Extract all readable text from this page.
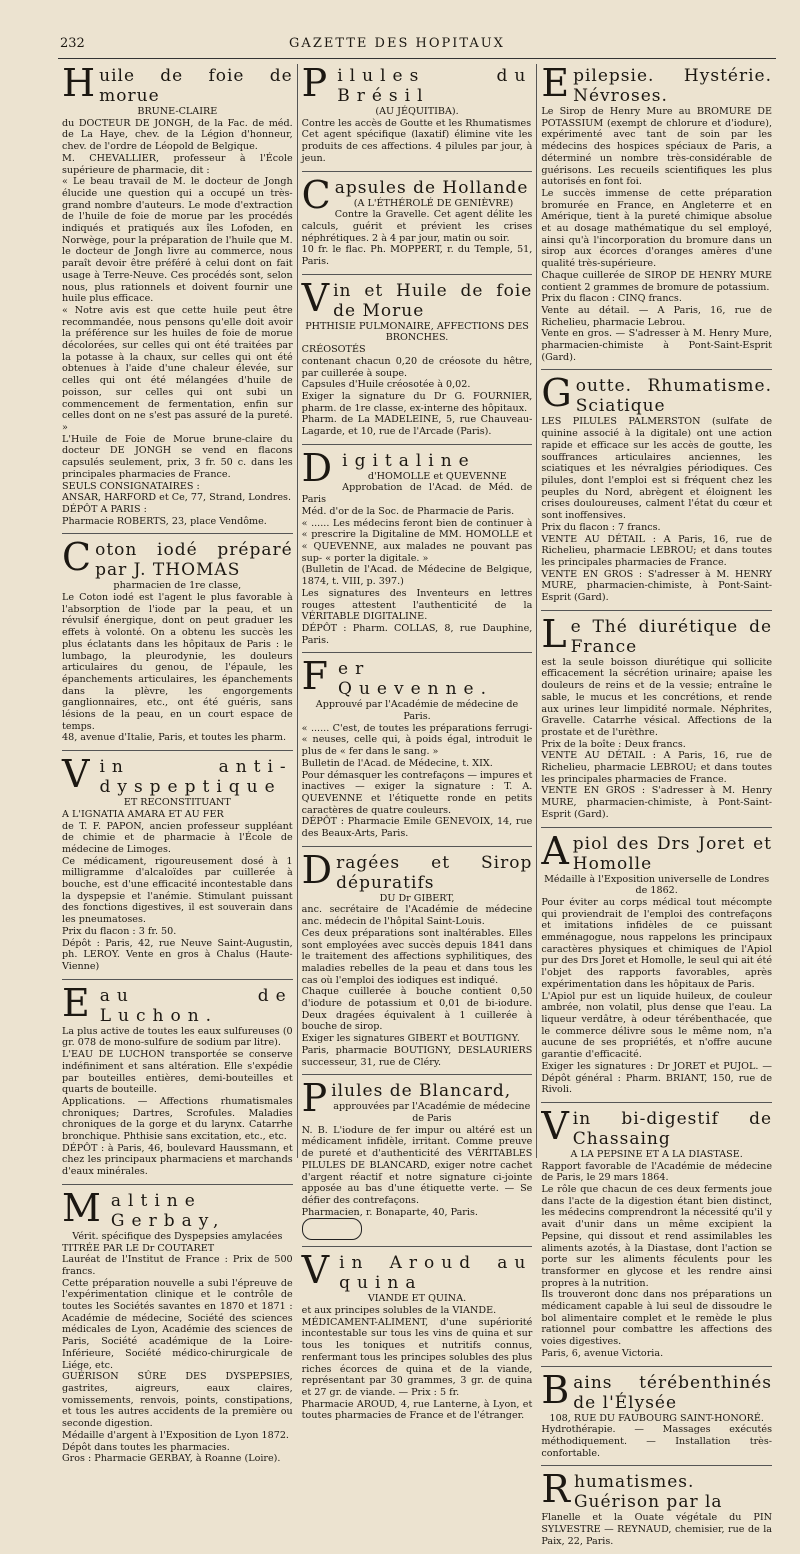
232	GAZETTE DES HOPITAUX
Huile de foie de morue

BRUNE-CLAIRE

du DOCTEUR DE JONGH, de la Fac. de méd. de La Haye, chev. de la Légion d'honneur, chev. de l'ordre de Léopold de Belgique.

M. CHEVALLIER, professeur à l'École supérieure de pharmacie, dit :

« Le beau travail de M. le docteur de Jongh élucide une question qui a occupé un très-grand nombre d'auteurs. Le mode d'extraction de l'huile de foie de morue par les procédés indiqués et pratiqués aux îles Lofoden, en Norwège, pour la préparation de l'huile que M. le docteur de Jongh livre au commerce, nous paraît devoir être préféré à celui dont on fait usage à Terre-Neuve. Ces procédés sont, selon nous, plus rationnels et doivent fournir une huile plus efficace.

« Notre avis est que cette huile peut être recommandée, nous pensons qu'elle doit avoir la préférence sur les huiles de foie de morue décolorées, sur celles qui ont été traitées par la potasse à la chaux, sur celles qui ont été obtenues à l'aide d'une chaleur élevée, sur celles qui ont été mélangées d'huile de poisson, sur celles qui ont subi un commencement de fermentation, enfin sur celles dont on ne s'est pas assuré de la pureté. »

L'Huile de Foie de Morue brune-claire du docteur DE JONGH se vend en flacons capsulés seulement, prix, 3 fr. 50 c. dans les principales pharmacies de France.

SEULS CONSIGNATAIRES :

ANSAR, HARFORD et Ce, 77, Strand, Londres.

DÉPÔT A PARIS :

Pharmacie ROBERTS, 23, place Vendôme.

Coton iodé préparé par J. THOMAS

pharmacien de 1re classe,

Le Coton iodé est l'agent le plus favorable à l'absorption de l'iode par la peau, et un révulsif énergique, dont on peut graduer les effets à volonté. On a obtenu les succès les plus éclatants dans les hôpitaux de Paris : le lumbago, la pleurodynie, les douleurs articulaires du genou, de l'épaule, les épanchements articulaires, les épanchements dans la plèvre, les engorgements ganglionnaires, etc., ont été guéris, sans lésions de la peau, en un court espace de temps.

48, avenue d'Italie, Paris, et toutes les pharm.

Vin anti-dyspeptique

ET RECONSTITUANT

A L'IGNATIA AMARA ET AU FER

de T. F. PAPON, ancien professeur suppléant de chimie et de pharmacie à l'École de médecine de Limoges.

Ce médicament, rigoureusement dosé à 1 milligramme d'alcaloïdes par cuillerée à bouche, est d'une efficacité incontestable dans la dyspepsie et l'anémie. Stimulant puissant des fonctions digestives, il est souverain dans les pneumatoses.

Prix du flacon : 3 fr. 50.

Dépôt : Paris, 42, rue Neuve Saint-Augustin, ph. LEROY. Vente en gros à Chalus (Haute-Vienne)

Eau de Luchon.

La plus active de toutes les eaux sulfureuses (0 gr. 078 de mono-sulfure de sodium par litre).

L'EAU DE LUCHON transportée se conserve indéfiniment et sans altération. Elle s'expédie par bouteilles entières, demi-bouteilles et quarts de bouteille.

Applications. — Affections rhumatismales chroniques; Dartres, Scrofules. Maladies chroniques de la gorge et du larynx. Catarrhe bronchique. Phthisie sans excitation, etc., etc.

DÉPÔT : à Paris, 46, boulevard Haussmann, et chez les principaux pharmaciens et marchands d'eaux minérales.

Maltine Gerbay,

Vérit. spécifique des Dyspepsies amylacées

TITRÉE PAR LE Dr COUTARET

Lauréat de l'Institut de France : Prix de 500 francs.

Cette préparation nouvelle a subi l'épreuve de l'expérimentation clinique et le contrôle de toutes les Sociétés savantes en 1870 et 1871 : Académie de médecine, Société des sciences médicales de Lyon, Académie des sciences de Paris, Société académique de la Loire-Inférieure, Société médico-chirurgicale de Liége, etc.

GUÉRISON SÛRE DES DYSPEPSIES, gastrites, aigreurs, eaux claires, vomissements, renvois, points, constipations, et tous les autres accidents de la première ou seconde digestion.

Médaille d'argent à l'Exposition de Lyon 1872.

Dépôt dans toutes les pharmacies.

Gros : Pharmacie GERBAY, à Roanne (Loire).

Pilules du Brésil

(AU JÉQUITIBA).

Contre les accès de Goutte et les Rhumatismes

Cet agent spécifique (laxatif) élimine vite les produits de ces affections. 4 pilules par jour, à jeun.

Capsules de Hollande

(A L'ÉTHÉROLÉ DE GENIÈVRE)

Contre la Gravelle. Cet agent délite les calculs, guérit et prévient les crises néphrétiques. 2 à 4 par jour, matin ou soir.

10 fr. le flac. Ph. MOPPERT, r. du Temple, 51, Paris.

Vin et Huile de foie de Morue

PHTHISIE PULMONAIRE, AFFECTIONS DES BRONCHES.

CRÉOSOTÉS

contenant chacun 0,20 de créosote du hêtre, par cuillerée à soupe.

Capsules d'Huile créosotée à 0,02.

Exiger la signature du Dr G. FOURNIER, pharm. de 1re classe, ex-interne des hôpitaux.

Pharm. de La MADELEINE, 5, rue Chauveau-Lagarde, et 10, rue de l'Arcade (Paris).

Digitaline

d'HOMOLLE et QUEVENNE

Approbation de l'Acad. de Méd. de Paris

Méd. d'or de la Soc. de Pharmacie de Paris.

« ...... Les médecins feront bien de continuer à « prescrire la Digitaline de MM. HOMOLLE et « QUEVENNE, aux malades ne pouvant pas sup- « porter la digitale. »

(Bulletin de l'Acad. de Médecine de Belgique, 1874, t. VIII, p. 397.)

Les signatures des Inventeurs en lettres rouges attestent l'authenticité de la VÉRITABLE DIGITALINE.

DÉPÔT : Pharm. COLLAS, 8, rue Dauphine, Paris.

Fer Quevenne.

Approuvé par l'Académie de médecine de Paris.

« ...... C'est, de toutes les préparations ferrugi- « neuses, celle qui, à poids égal, introduit le plus de « fer dans le sang. »

Bulletin de l'Acad. de Médecine, t. XIX.

Pour démasquer les contrefaçons — impures et inactives — exiger la signature : T. A. QUEVENNE et l'étiquette ronde en petits caractères de quatre couleurs.

DÉPÔT : Pharmacie Emile GENEVOIX, 14, rue des Beaux-Arts, Paris.

Dragées et Sirop dépuratifs

DU Dr GIBERT,

anc. secrétaire de l'Académie de médecine anc. médecin de l'hôpital Saint-Louis.

Ces deux préparations sont inaltérables. Elles sont employées avec succès depuis 1841 dans le traitement des affections syphilitiques, des maladies rebelles de la peau et dans tous les cas où l'emploi des iodiques est indiqué.

Chaque cuillerée à bouche contient 0,50 d'iodure de potassium et 0,01 de bi-iodure. Deux dragées équivalent à 1 cuillerée à bouche de sirop.

Exiger les signatures GIBERT et BOUTIGNY.

Paris, pharmacie BOUTIGNY, DESLAURIERS successeur, 31, rue de Cléry.

Pilules de Blancard,

approuvées par l'Académie de médecine de Paris

N. B. L'iodure de fer impur ou altéré est un médicament infidèle, irritant. Comme preuve de pureté et d'authenticité des VÉRITABLES PILULES DE BLANCARD, exiger notre cachet d'argent réactif et notre signature ci-jointe apposée au bas d'une étiquette verte. — Se défier des contrefaçons.

Pharmacien, r. Bonaparte, 40, Paris.

Vin Aroud au quina

VIANDE ET QUINA.

et aux principes solubles de la VIANDE.

MÉDICAMENT-ALIMENT, d'une supériorité incontestable sur tous les vins de quina et sur tous les toniques et nutritifs connus, renfermant tous les principes solubles des plus riches écorces de quina et de la viande, représentant par 30 grammes, 3 gr. de quina et 27 gr. de viande. — Prix : 5 fr.

Pharmacie AROUD, 4, rue Lanterne, à Lyon, et toutes pharmacies de France et de l'étranger.

Epilepsie. Hystérie. Névroses.

Le Sirop de Henry Mure au BROMURE DE POTASSIUM (exempt de chlorure et d'iodure), expérimenté avec tant de soin par les médecins des hospices spéciaux de Paris, a déterminé un nombre très-considérable de guérisons. Les recueils scientifiques les plus autorisés en font foi.

Le succès immense de cette préparation bromurée en France, en Angleterre et en Amérique, tient à la pureté chimique absolue et au dosage mathématique du sel employé, ainsi qu'à l'incorporation du bromure dans un sirop aux écorces d'oranges amères d'une qualité très-supérieure.

Chaque cuillerée de SIROP DE HENRY MURE contient 2 grammes de bromure de potassium.

Prix du flacon : CINQ francs.

Vente au détail. — A Paris, 16, rue de Richelieu, pharmacie Lebrou.

Vente en gros. — S'adresser à M. Henry Mure, pharmacien-chimiste à Pont-Saint-Esprit (Gard).

Goutte. Rhumatisme. Sciatique

LES PILULES PALMERSTON (sulfate de quinine associé à la digitale) ont une action rapide et efficace sur les accès de goutte, les souffrances articulaires anciennes, les sciatiques et les névralgies périodiques. Ces pilules, dont l'emploi est si fréquent chez les peuples du Nord, abrègent et éloignent les crises douloureuses, calment l'état du cœur et sont inoffensives.

Prix du flacon : 7 francs.

VENTE AU DÉTAIL : A Paris, 16, rue de Richelieu, pharmacie LEBROU; et dans toutes les principales pharmacies de France.

VENTE EN GROS : S'adresser à M. HENRY MURE, pharmacien-chimiste, à Pont-Saint-Esprit (Gard).

Le Thé diurétique de France

est la seule boisson diurétique qui sollicite efficacement la sécrétion urinaire; apaise les douleurs de reins et de la vessie; entraîne le sable, le mucus et les concrétions, et rende aux urines leur limpidité normale. Néphrites, Gravelle. Catarrhe vésical. Affections de la prostate et de l'urèthre.

Prix de la boîte : Deux francs.

VENTE AU DÉTAIL : A Paris, 16, rue de Richelieu, pharmacie LEBROU; et dans toutes les principales pharmacies de France.

VENTE EN GROS : S'adresser à M. Henry MURE, pharmacien-chimiste, à Pont-Saint-Esprit (Gard).

Apiol des Drs Joret et Homolle

Médaille à l'Exposition universelle de Londres de 1862.

Pour éviter au corps médical tout mécompte qui proviendrait de l'emploi des contrefaçons et imitations infidèles de ce puissant emménagogue, nous rappelons les principaux caractères physiques et chimiques de l'Apiol pur des Drs Joret et Homolle, le seul qui ait été l'objet des rapports favorables, après expérimentation dans les hôpitaux de Paris.

L'Apiol pur est un liquide huileux, de couleur ambrée, non volatil, plus dense que l'eau. La liqueur verdâtre, à odeur térébenthacée, que le commerce délivre sous le même nom, n'a aucune de ses propriétés, et n'offre aucune garantie d'efficacité.

Exiger les signatures : Dr JORET et PUJOL. — Dépôt général : Pharm. BRIANT, 150, rue de Rivoli.

Vin bi-digestif de Chassaing

A LA PEPSINE ET A LA DIASTASE.

Rapport favorable de l'Académie de médecine de Paris, le 29 mars 1864.

Le rôle que chacun de ces deux ferments joue dans l'acte de la digestion étant bien distinct, les médecins comprendront la nécessité qu'il y avait d'unir dans un même excipient la Pepsine, qui dissout et rend assimilables les aliments azotés, à la Diastase, dont l'action se porte sur les aliments féculents pour les transformer en glycose et les rendre ainsi propres à la nutrition.

Ils trouveront donc dans nos préparations un médicament capable à lui seul de dissoudre le bol alimentaire complet et le remède le plus rationnel pour combattre les affections des voies digestives.

Paris, 6, avenue Victoria.

Bains térébenthinés de l'Élysée

108, RUE DU FAUBOURG SAINT-HONORÉ.

Hydrothérapie. — Massages exécutés méthodiquement. — Installation très-confortable.

Rhumatismes. Guérison par la

Flanelle et la Ouate végétale du PIN SYLVESTRE — REYNAUD, chemisier, rue de la Paix, 22, Paris.
